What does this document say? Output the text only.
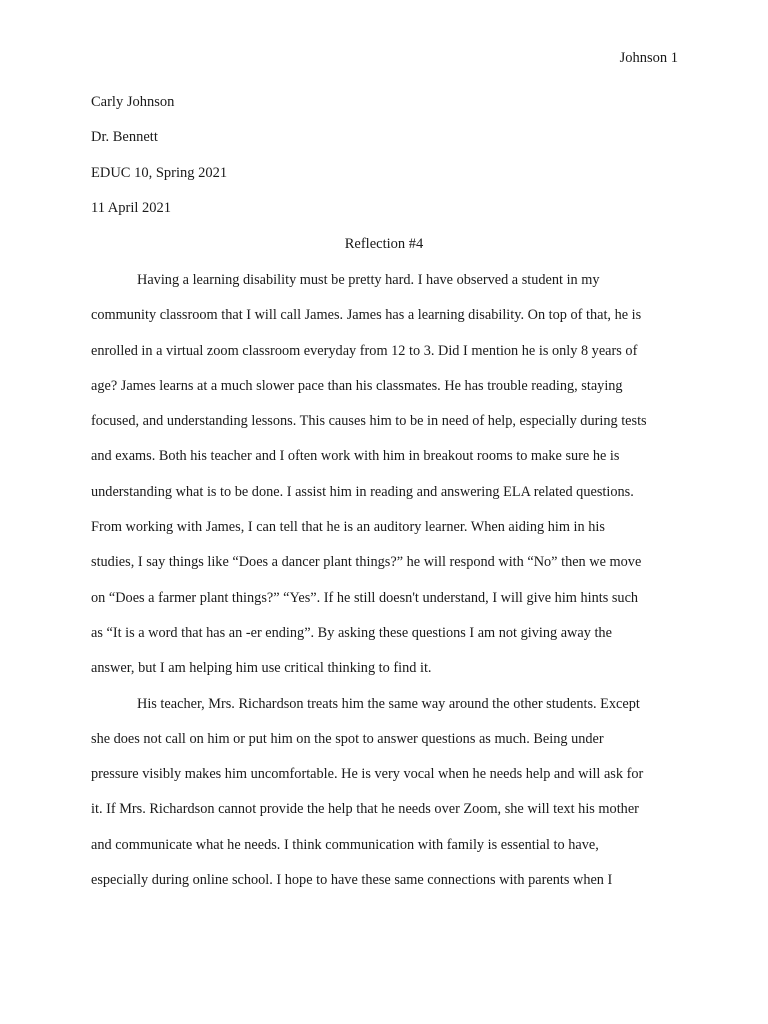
Johnson 1
Carly Johnson
Dr. Bennett
EDUC 10, Spring 2021
11 April 2021
Reflection #4
Having a learning disability must be pretty hard. I have observed a student in my
community classroom that I will call James. James has a learning disability. On top of that, he is
enrolled in a virtual zoom classroom everyday from 12 to 3. Did I mention he is only 8 years of
age? James learns at a much slower pace than his classmates. He has trouble reading, staying
focused, and understanding lessons. This causes him to be in need of help, especially during tests
and exams. Both his teacher and I often work with him in breakout rooms to make sure he is
understanding what is to be done. I assist him in reading and answering ELA related questions.
From working with James, I can tell that he is an auditory learner. When aiding him in his
studies, I say things like “Does a dancer plant things?” he will respond with “No” then we move
on “Does a farmer plant things?” “Yes”. If he still doesn't understand, I will give him hints such
as “It is a word that has an -er ending”. By asking these questions I am not giving away the
answer, but I am helping him use critical thinking to find it.
His teacher, Mrs. Richardson treats him the same way around the other students. Except
she does not call on him or put him on the spot to answer questions as much. Being under
pressure visibly makes him uncomfortable. He is very vocal when he needs help and will ask for
it. If Mrs. Richardson cannot provide the help that he needs over Zoom, she will text his mother
and communicate what he needs. I think communication with family is essential to have,
especially during online school. I hope to have these same connections with parents when I
